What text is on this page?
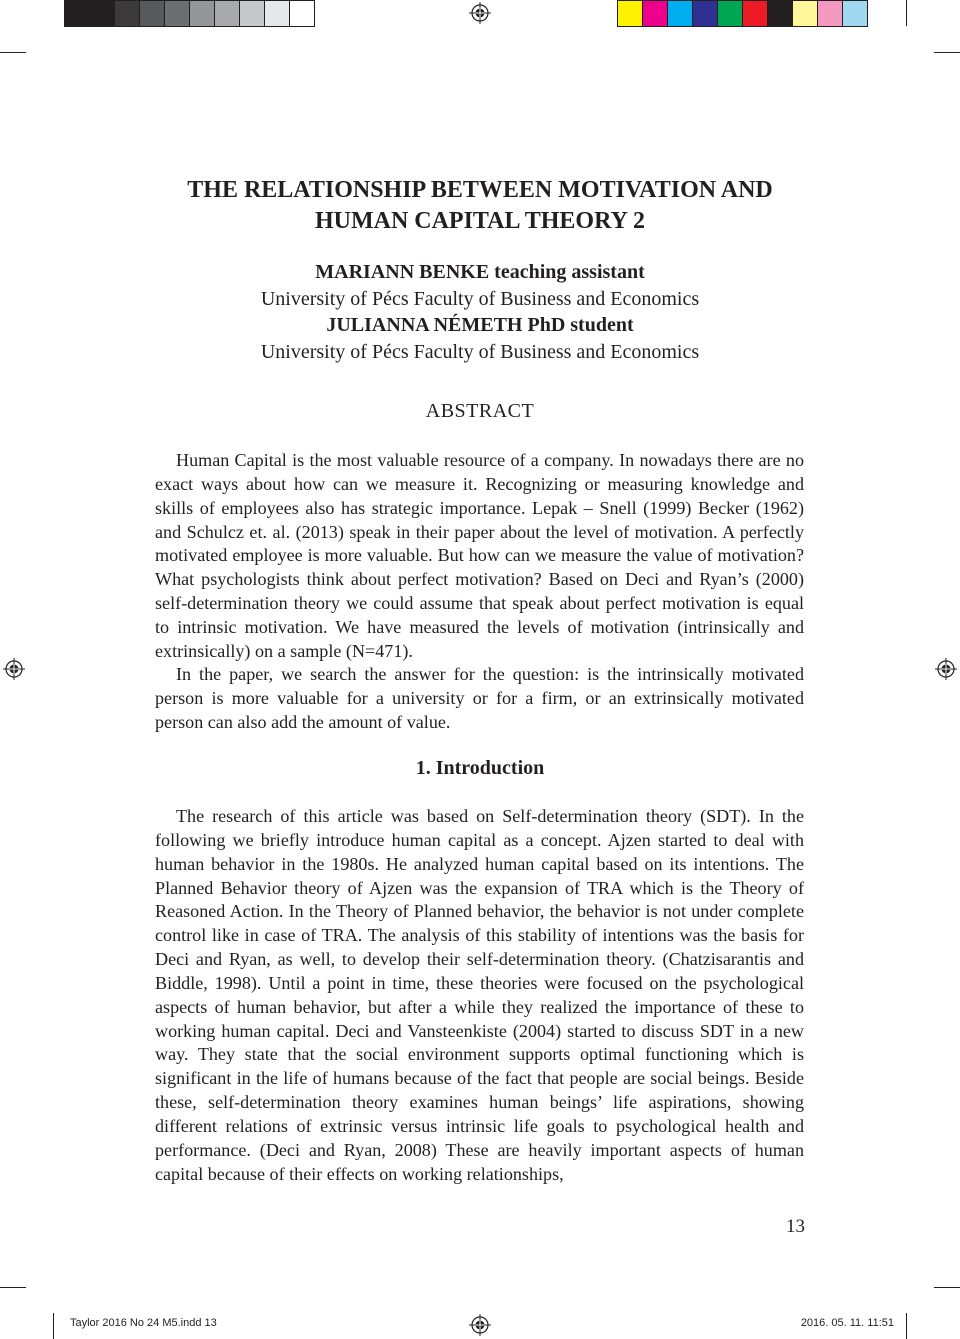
THE RELATIONSHIP BETWEEN MOTIVATION AND
HUMAN CAPITAL THEORY 2
MARIANN BENKE teaching assistant
University of Pécs Faculty of Business and Economics
JULIANNA NÉMETH PhD student
University of Pécs Faculty of Business and Economics
ABSTRACT

Human Capital is the most valuable resource of a company. In nowadays there are no exact ways about how can we measure it. Recognizing or measuring knowledge and skills of employees also has strategic importance. Lepak – Snell (1999) Becker (1962) and Schulcz et. al. (2013) speak in their paper about the level of motivation. A perfectly motivated employee is more valuable. But how can we measure the value of motivation? What psychologists think about perfect motivation? Based on Deci and Ryan’s (2000) self-determination theory we could assume that speak about perfect motivation is equal to intrinsic motivation. We have measured the levels of motivation (intrinsically and extrinsically) on a sample (N=471).

In the paper, we search the answer for the question: is the intrinsically motivated person is more valuable for a university or for a firm, or an extrinsically motivated person can also add the amount of value.

1. Introduction

The research of this article was based on Self-determination theory (SDT). In the following we briefly introduce human capital as a concept. Ajzen started to deal with human behavior in the 1980s. He analyzed human capital based on its intentions. The Planned Behavior theory of Ajzen was the expansion of TRA which is the Theory of Reasoned Action. In the Theory of Planned behavior, the behavior is not under complete control like in case of TRA. The analysis of this stability of intentions was the basis for Deci and Ryan, as well, to develop their self-determination theory. (Chatzisarantis and Biddle, 1998). Until a point in time, these theories were focused on the psychological aspects of human behavior, but after a while they realized the importance of these to working human capital. Deci and Vansteenkiste (2004) started to discuss SDT in a new way. They state that the social environment supports optimal functioning which is significant in the life of humans because of the fact that people are social beings. Beside these, self-determination theory examines human beings’ life aspirations, showing different relations of extrinsic versus intrinsic life goals to psychological health and performance. (Deci and Ryan, 2008) These are heavily important aspects of human capital because of their effects on working relationships,

13
Taylor 2016 No 24 M5.indd 13	2016. 05. 11. 11:51
